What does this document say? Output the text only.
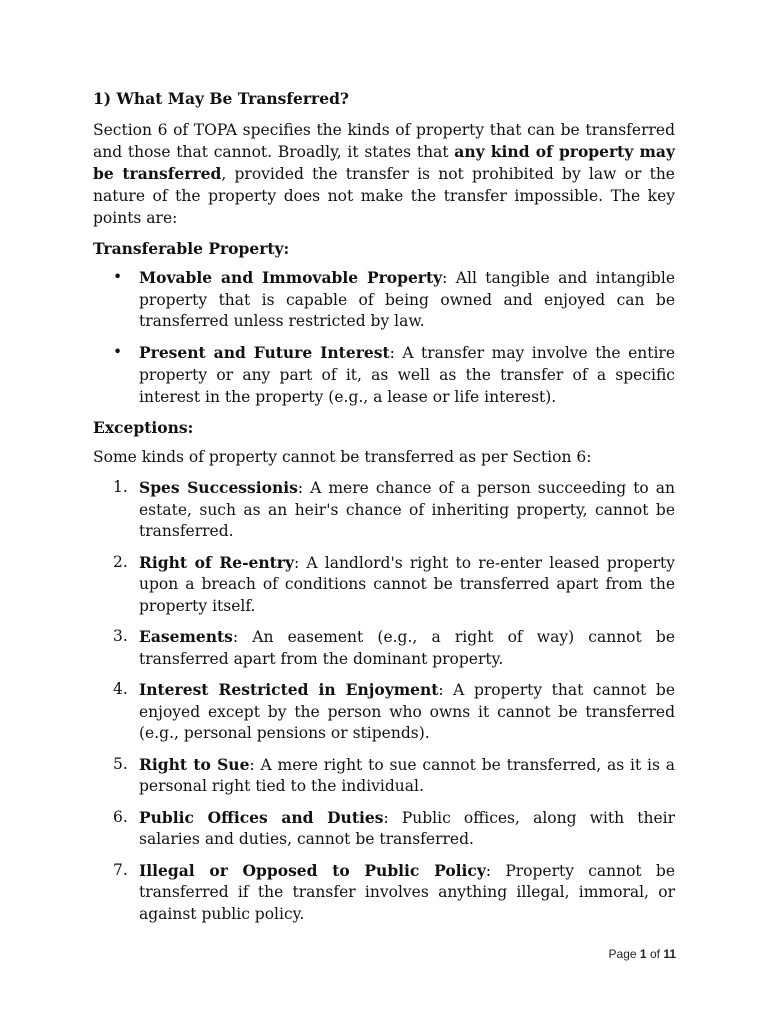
1) What May Be Transferred?

Section 6 of TOPA specifies the kinds of property that can be transferred and those that cannot. Broadly, it states that any kind of property may be transferred, provided the transfer is not prohibited by law or the nature of the property does not make the transfer impossible. The key points are:

Transferable Property:
• Movable and Immovable Property: All tangible and intangible property that is capable of being owned and enjoyed can be transferred unless restricted by law.
• Present and Future Interest: A transfer may involve the entire property or any part of it, as well as the transfer of a specific interest in the property (e.g., a lease or life interest).
Exceptions:

Some kinds of property cannot be transferred as per Section 6:

1. Spes Successionis: A mere chance of a person succeeding to an estate, such as an heir's chance of inheriting property, cannot be transferred.
2. Right of Re-entry: A landlord's right to re-enter leased property upon a breach of conditions cannot be transferred apart from the property itself.
3. Easements: An easement (e.g., a right of way) cannot be transferred apart from the dominant property.
4. Interest Restricted in Enjoyment: A property that cannot be enjoyed except by the person who owns it cannot be transferred (e.g., personal pensions or stipends).
5. Right to Sue: A mere right to sue cannot be transferred, as it is a personal right tied to the individual.
6. Public Offices and Duties: Public offices, along with their salaries and duties, cannot be transferred.
7. Illegal or Opposed to Public Policy: Property cannot be transferred if the transfer involves anything illegal, immoral, or against public policy.
Page 1 of 11
